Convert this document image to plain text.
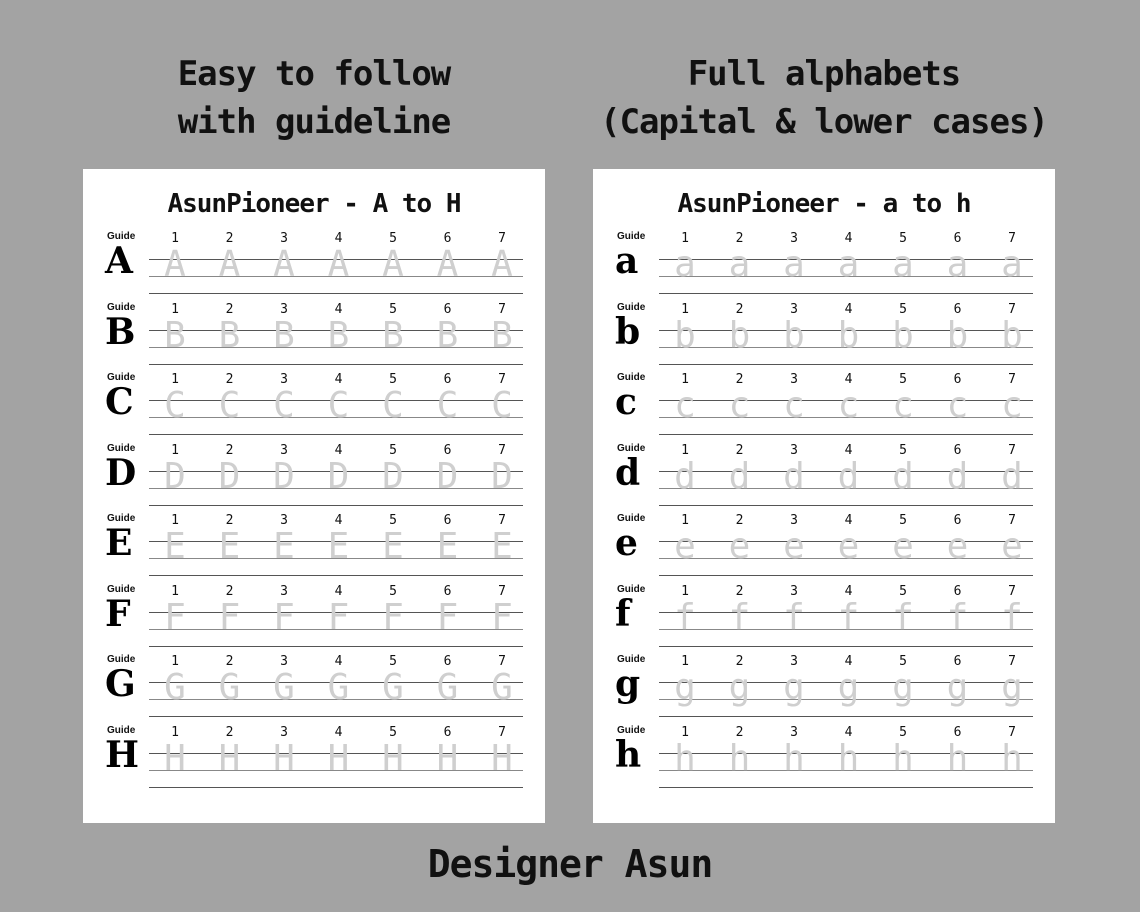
Easy to follow
with guideline
Full alphabets
(Capital & lower cases)
AsunPioneer - A to H
Guide
A
1
A
2
A
3
A
4
A
5
A
6
A
7
A
Guide
B
1
B
2
B
3
B
4
B
5
B
6
B
7
B
Guide
C
1
C
2
C
3
C
4
C
5
C
6
C
7
C
Guide
D
1
D
2
D
3
D
4
D
5
D
6
D
7
D
Guide
E
1
E
2
E
3
E
4
E
5
E
6
E
7
E
Guide
F
1
F
2
F
3
F
4
F
5
F
6
F
7
F
Guide
G
1
G
2
G
3
G
4
G
5
G
6
G
7
G
Guide
H
1
H
2
H
3
H
4
H
5
H
6
H
7
H
AsunPioneer - a to h
Guide
a
1
a
2
a
3
a
4
a
5
a
6
a
7
a
Guide
b
1
b
2
b
3
b
4
b
5
b
6
b
7
b
Guide
c
1
c
2
c
3
c
4
c
5
c
6
c
7
c
Guide
d
1
d
2
d
3
d
4
d
5
d
6
d
7
d
Guide
e
1
e
2
e
3
e
4
e
5
e
6
e
7
e
Guide
f
1
f
2
f
3
f
4
f
5
f
6
f
7
f
Guide
g
1
g
2
g
3
g
4
g
5
g
6
g
7
g
Guide
h
1
h
2
h
3
h
4
h
5
h
6
h
7
h
Designer Asun
